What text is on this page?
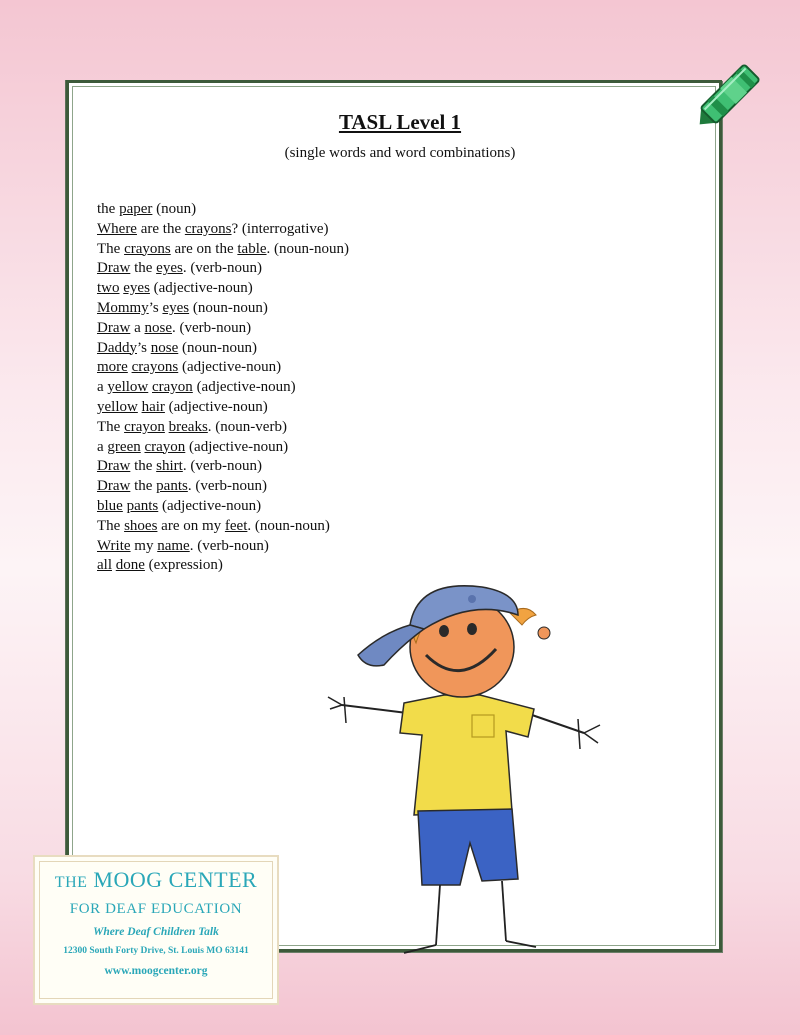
TASL Level 1
(single words and word combinations)
the paper (noun)
Where are the crayons? (interrogative)
The crayons are on the table. (noun-noun)
Draw the eyes. (verb-noun)
two eyes (adjective-noun)
Mommy’s eyes (noun-noun)
Draw a nose. (verb-noun)
Daddy’s nose (noun-noun)
more crayons (adjective-noun)
a yellow crayon (adjective-noun)
yellow hair (adjective-noun)
The crayon breaks. (noun-verb)
a green crayon (adjective-noun)
Draw the shirt. (verb-noun)
Draw the pants. (verb-noun)
blue pants (adjective-noun)
The shoes are on my feet. (noun-noun)
Write my name. (verb-noun)
all done (expression)
THE MOOG CENTER
FOR DEAF EDUCATION
Where Deaf Children Talk
12300 South Forty Drive, St. Louis MO 63141
www.moogcenter.org
